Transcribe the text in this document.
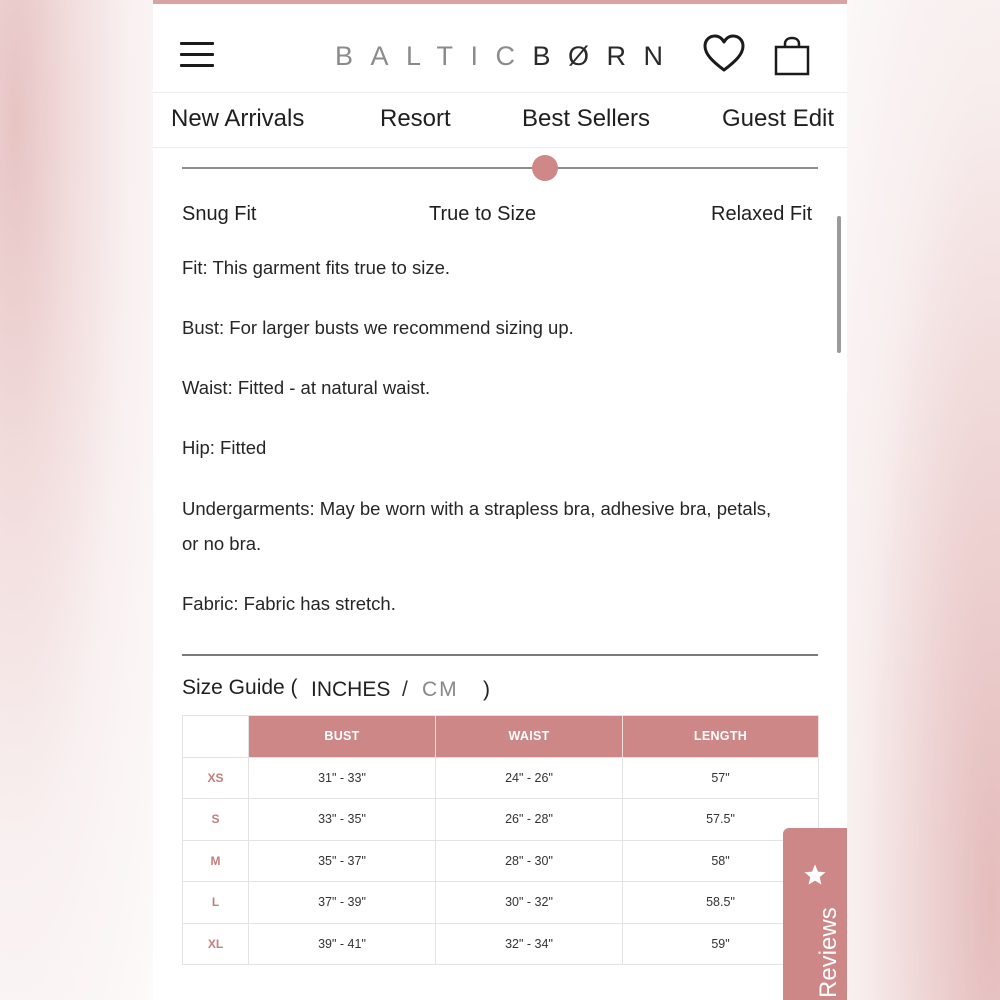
BALTICBØRN
New Arrivals	Resort	Best Sellers	Guest Edit
Snug Fit	True to Size	Relaxed Fit
Fit: This garment fits true to size.
Bust: For larger busts we recommend sizing up.
Waist: Fitted - at natural waist.
Hip: Fitted
Undergarments: May be worn with a strapless bra, adhesive bra, petals, or no bra.
Fabric: Fabric has stretch.
Size Guide ( INCHES / CM )
	BUST	WAIST	LENGTH
XS	31" - 33"	24" - 26"	57"
S	33" - 35"	26" - 28"	57.5"
M	35" - 37"	28" - 30"	58"
L	37" - 39"	30" - 32"	58.5"
XL	39" - 41"	32" - 34"	59"	Reviews
